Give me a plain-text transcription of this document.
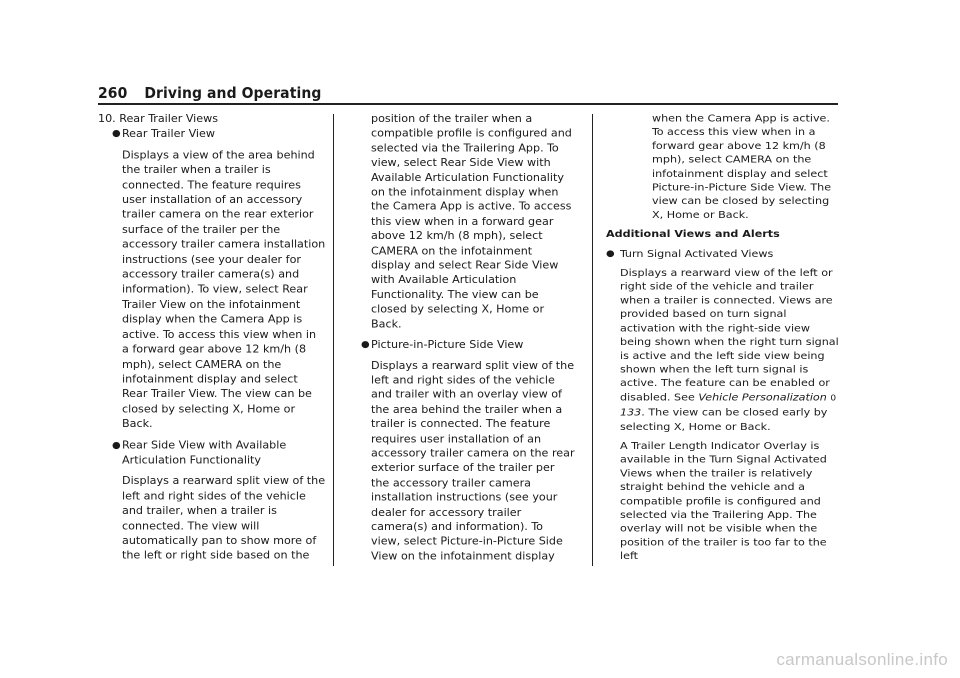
260 Driving and Operating

10. Rear Trailer Views

● Rear Trailer View

Displays a view of the area behind the trailer when a trailer is connected. The feature requires user installation of an accessory trailer camera on the rear exterior surface of the trailer per the accessory trailer camera installation instructions (see your dealer for accessory trailer camera(s) and information). To view, select Rear Trailer View on the infotainment display when the Camera App is active. To access this view when in a forward gear above 12 km/h (8 mph), select CAMERA on the infotainment display and select Rear Trailer View. The view can be closed by selecting X, Home or Back.

● Rear Side View with Available Articulation Functionality

Displays a rearward split view of the left and right sides of the vehicle and trailer, when a trailer is connected. The view will automatically pan to show more of the left or right side based on the

position of the trailer when a compatible profile is configured and selected via the Trailering App. To view, select Rear Side View with Available Articulation Functionality on the infotainment display when the Camera App is active. To access this view when in a forward gear above 12 km/h (8 mph), select CAMERA on the infotainment display and select Rear Side View with Available Articulation Functionality. The view can be closed by selecting X, Home or Back.

● Picture-in-Picture Side View

Displays a rearward split view of the left and right sides of the vehicle and trailer with an overlay view of the area behind the trailer when a trailer is connected. The feature requires user installation of an accessory trailer camera on the rear exterior surface of the trailer per the accessory trailer camera installation instructions (see your dealer for accessory trailer camera(s) and information). To view, select Picture-in-Picture Side View on the infotainment display

when the Camera App is active. To access this view when in a forward gear above 12 km/h (8 mph), select CAMERA on the infotainment display and select Picture-in-Picture Side View. The view can be closed by selecting X, Home or Back.

Additional Views and Alerts

● Turn Signal Activated Views

Displays a rearward view of the left or right side of the vehicle and trailer when a trailer is connected. Views are provided based on turn signal activation with the right-side view being shown when the right turn signal is active and the left side view being shown when the left turn signal is active. The feature can be enabled or disabled. See Vehicle Personalization 0 133. The view can be closed early by selecting X, Home or Back.

A Trailer Length Indicator Overlay is available in the Turn Signal Activated Views when the trailer is relatively straight behind the vehicle and a compatible profile is configured and selected via the Trailering App. The overlay will not be visible when the position of the trailer is too far to the left

carmanualsonline.info
